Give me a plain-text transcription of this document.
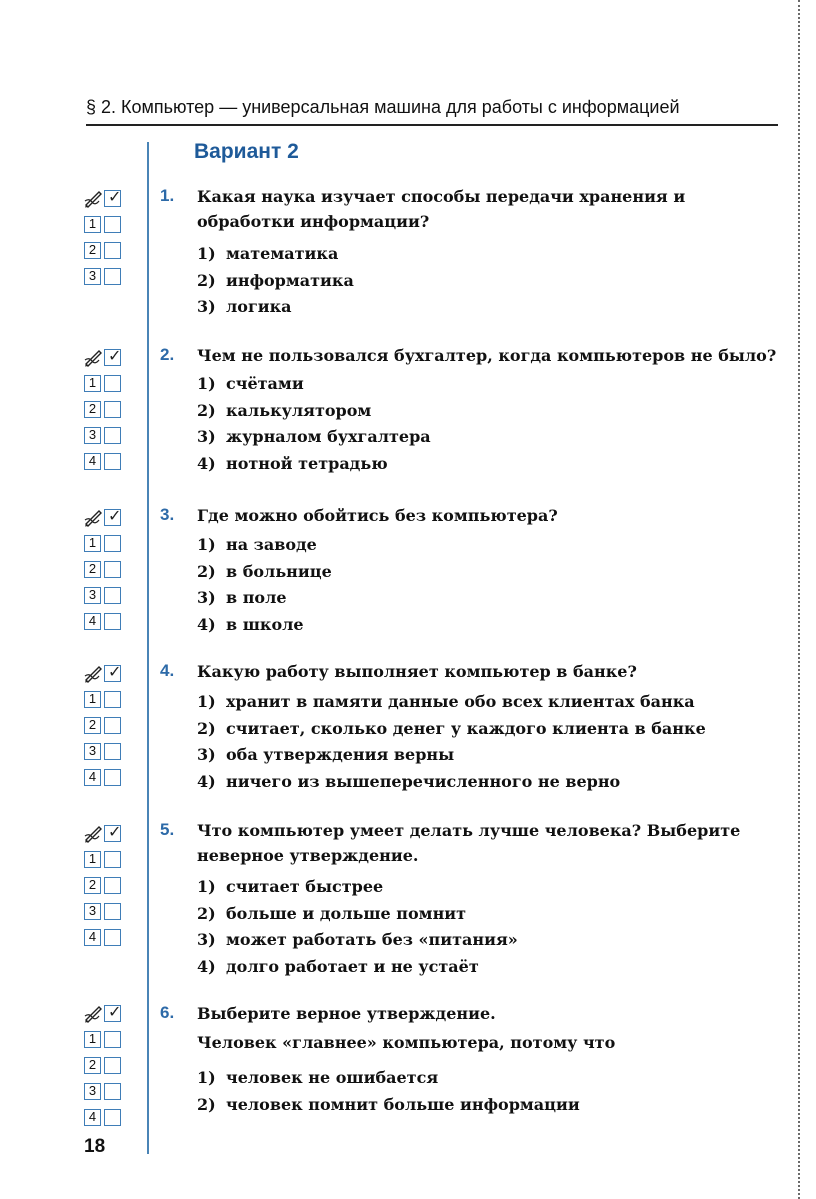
§ 2. Компьютер — универсальная машина для работы с информацией
Вариант 2
1. Какая наука изучает способы передачи хранения и обработки информации?
1) математика
2) информатика
3) логика
✓
1
2
3
2. Чем не пользовался бухгалтер, когда компьютеров не было?
1) счётами
2) калькулятором
3) журналом бухгалтера
4) нотной тетрадью
✓
1
2
3
4
3. Где можно обойтись без компьютера?
1) на заводе
2) в больнице
3) в поле
4) в школе
✓
1
2
3
4
4. Какую работу выполняет компьютер в банке?
1) хранит в памяти данные обо всех клиентах банка
2) считает, сколько денег у каждого клиента в банке
3) оба утверждения верны
4) ничего из вышеперечисленного не верно
✓
1
2
3
4
5. Что компьютер умеет делать лучше человека? Выберите неверное утверждение.
1) считает быстрее
2) больше и дольше помнит
3) может работать без «питания»
4) долго работает и не устаёт
✓
1
2
3
4
6. Выберите верное утверждение.
Человек «главнее» компьютера, потому что
1) человек не ошибается
2) человек помнит больше информации
✓
1
2
3
4
18
